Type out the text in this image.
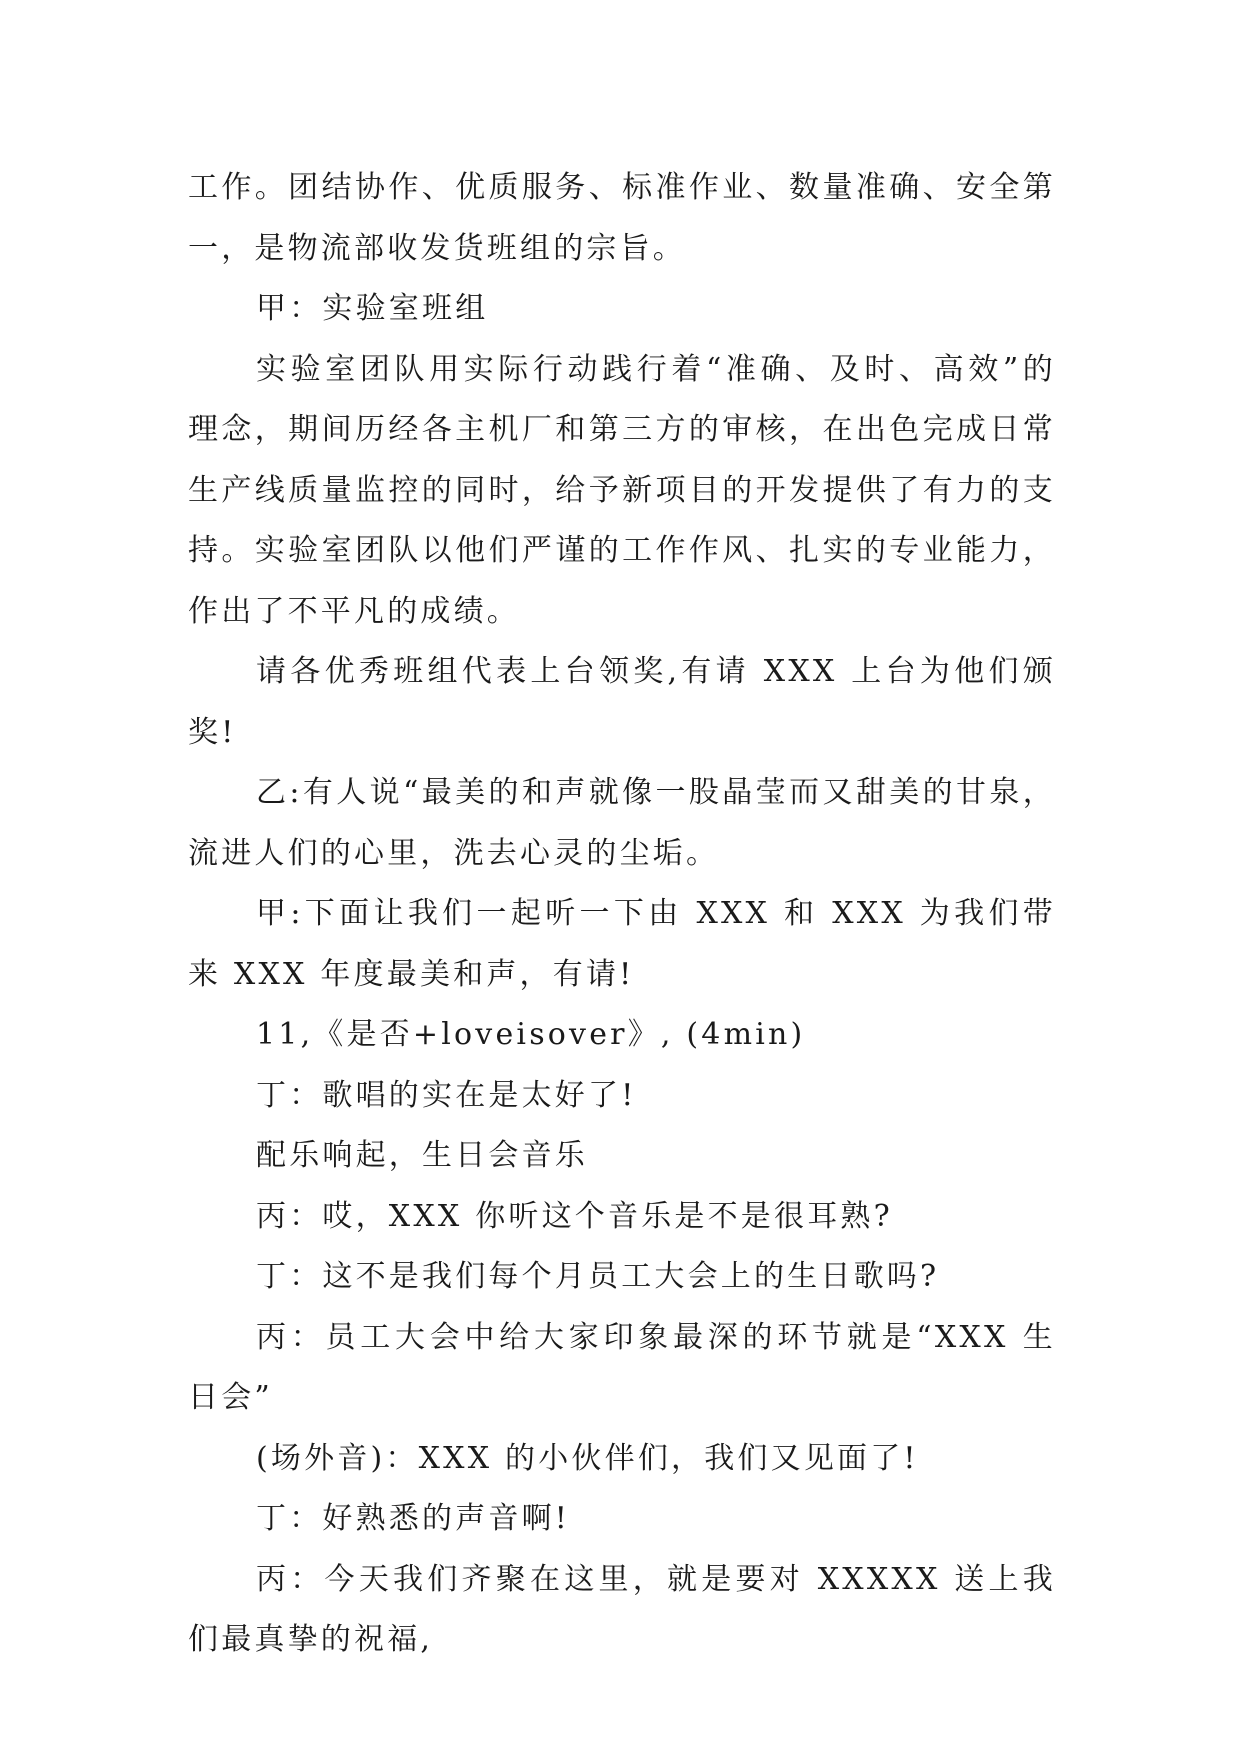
工作。团结协作、优质服务、标准作业、数量准确、安全第一，是物流部收发货班组的宗旨。

甲：实验室班组

实验室团队用实际行动践行着“准确、及时、高效”的理念，期间历经各主机厂和第三方的审核，在出色完成日常生产线质量监控的同时，给予新项目的开发提供了有力的支持。实验室团队以他们严谨的工作作风、扎实的专业能力，作出了不平凡的成绩。

请各优秀班组代表上台领奖,有请 XXX 上台为他们颁奖!

乙:有人说“最美的和声就像一股晶莹而又甜美的甘泉，流进人们的心里，洗去心灵的尘垢。

甲:下面让我们一起听一下由 XXX 和 XXX 为我们带来 XXX 年度最美和声，有请!

11,《是否+loveisover》, (4min)

丁：歌唱的实在是太好了!

配乐响起，生日会音乐

丙：哎，XXX 你听这个音乐是不是很耳熟?

丁：这不是我们每个月员工大会上的生日歌吗?

丙：员工大会中给大家印象最深的环节就是“XXX 生日会”

(场外音)：XXX 的小伙伴们，我们又见面了!

丁：好熟悉的声音啊!

丙：今天我们齐聚在这里，就是要对 XXXXX 送上我们最真挚的祝福,
